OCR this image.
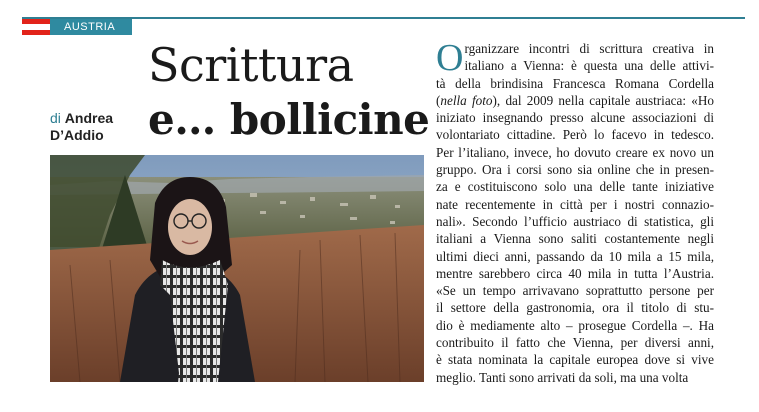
AUSTRIA
Scrittura
e… bollicine
di Andrea
D’Addio
O rganizzare incontri di scrittura creativa in
italiano a Vienna: è questa una delle attivi-
tà della brindisina Francesca Romana Cordella
(nella foto), dal 2009 nella capitale austriaca: «Ho
iniziato insegnando presso alcune associazioni di
volontariato cittadine. Però lo facevo in tedesco.
Per l’italiano, invece, ho dovuto creare ex novo un
gruppo. Ora i corsi sono sia online che in presen-
za e costituiscono solo una delle tante iniziative
nate recentemente in città per i nostri connazio-
nali». Secondo l’ufficio austriaco di statistica, gli
italiani a Vienna sono saliti costantemente negli
ultimi dieci anni, passando da 10 mila a 15 mila,
mentre sarebbero circa 40 mila in tutta l’Austria.
«Se un tempo arrivavano soprattutto persone per
il settore della gastronomia, ora il titolo di stu-
dio è mediamente alto – prosegue Cordella –. Ha
contribuito il fatto che Vienna, per diversi anni,
è stata nominata la capitale europea dove si vive
meglio. Tanti sono arrivati da soli, ma una volta
